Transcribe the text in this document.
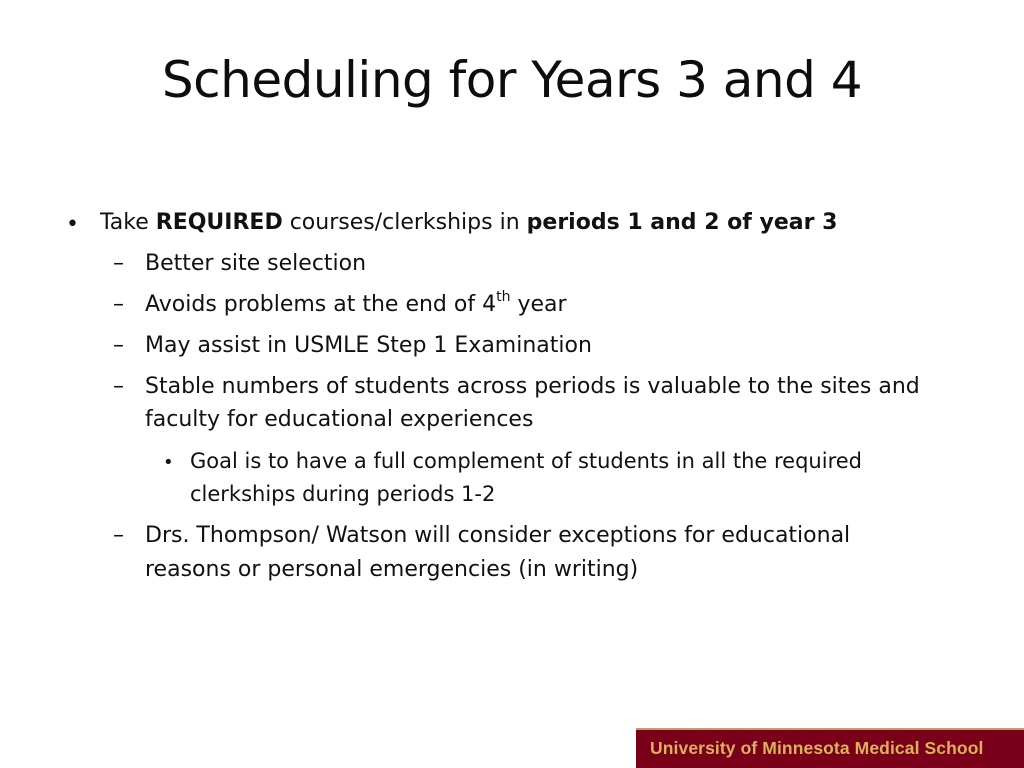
Scheduling for Years 3 and 4
• Take REQUIRED courses/clerkships in periods 1 and 2 of year 3
– Better site selection
– Avoids problems at the end of 4th year
– May assist in USMLE Step 1 Examination
– Stable numbers of students across periods is valuable to the sites and
faculty for educational experiences
• Goal is to have a full complement of students in all the required
clerkships during periods 1-2
– Drs. Thompson/ Watson will consider exceptions for educational
reasons or personal emergencies (in writing)
University of Minnesota Medical School
